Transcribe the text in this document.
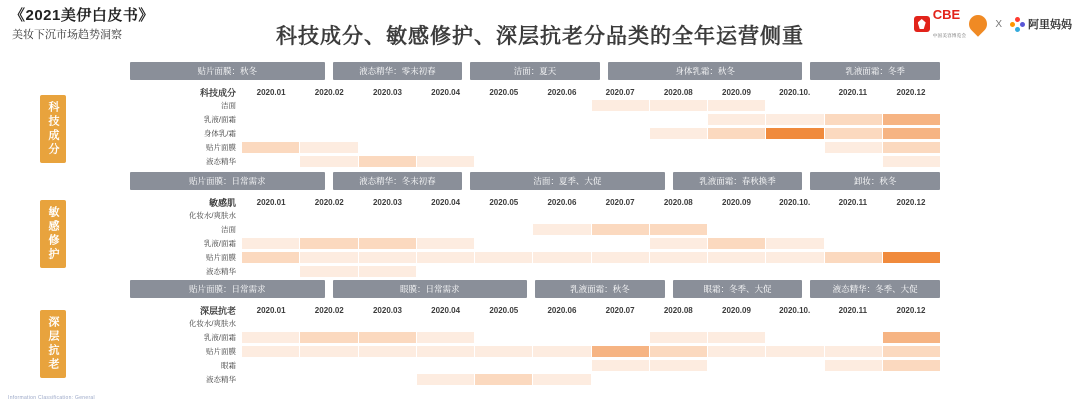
《2021美伊白皮书》
美妆下沉市场趋势洞察
CBE
中国美容博览会
X 阿里妈妈
科技成分、敏感修护、深层抗老分品类的全年运营侧重
贴片面膜：秋冬	液态精华：零末初春	洁面：夏天	身体乳霜：秋冬	乳液面霜：冬季
科技成分	2020.01	2020.02	2020.03	2020.04	2020.05	2020.06	2020.07	2020.08	2020.09	2020.10.	2020.11	2020.12
洁面
乳液/面霜
身体乳/霜
贴片面膜
液态精华
贴片面膜：日常需求	液态精华：冬末初春	洁面：夏季、大促	乳液面霜：春秋换季	卸妆：秋冬
敏感肌	2020.01	2020.02	2020.03	2020.04	2020.05	2020.06	2020.07	2020.08	2020.09	2020.10.	2020.11	2020.12
化妆水/爽肤水
洁面
乳液/面霜
贴片面膜
液态精华
贴片面膜：日常需求	眼膜：日常需求	乳液面霜：秋冬	眼霜：冬季、大促	液态精华：冬季、大促
深层抗老	2020.01	2020.02	2020.03	2020.04	2020.05	2020.06	2020.07	2020.08	2020.09	2020.10.	2020.11	2020.12
化妆水/爽肤水
乳液/面霜
贴片面膜
眼霜
液态精华
Information Classification: General
科技成分
敏感修护
深层抗老
